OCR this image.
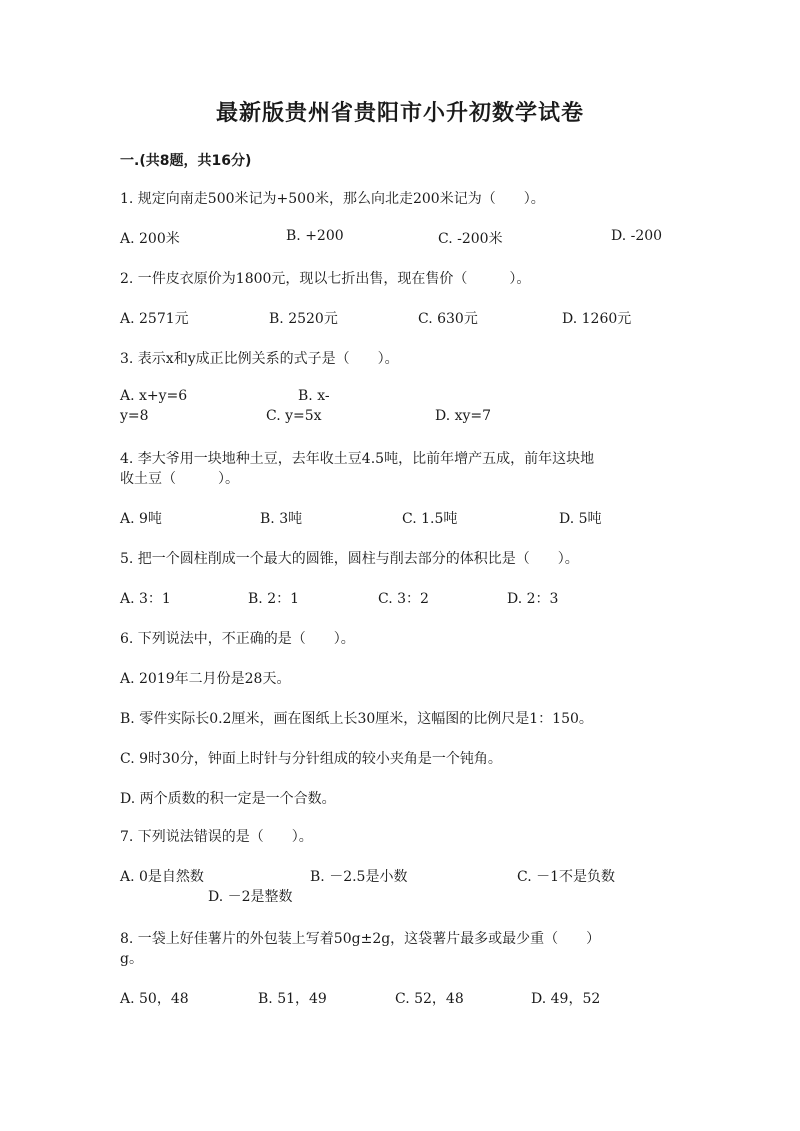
最新版贵州省贵阳市小升初数学试卷
一.(共8题，共16分)
1. 规定向南走500米记为+500米，那么向北走200米记为（　　）。
A. 200米	B. +200	C. -200米	D. -200
2. 一件皮衣原价为1800元，现以七折出售，现在售价（　　　）。
A. 2571元	B. 2520元	C. 630元	D. 1260元
3. 表示x和y成正比例关系的式子是（　　）。
A. x+y=6	B. x-
y=8	C. y=5x	D. xy=7
4. 李大爷用一块地种土豆，去年收土豆4.5吨，比前年增产五成，前年这块地
收土豆（　　　）。
A. 9吨	B. 3吨	C. 1.5吨	D. 5吨
5. 把一个圆柱削成一个最大的圆锥，圆柱与削去部分的体积比是（　　）。
A. 3：1	B. 2：1	C. 3：2	D. 2：3
6. 下列说法中，不正确的是（　　）。
A. 2019年二月份是28天。
B. 零件实际长0.2厘米，画在图纸上长30厘米，这幅图的比例尺是1：150。
C. 9时30分，钟面上时针与分针组成的较小夹角是一个钝角。
D. 两个质数的积一定是一个合数。
7. 下列说法错误的是（　　）。
A. 0是自然数	B. －2.5是小数	C. －1不是负数
D. －2是整数
8. 一袋上好佳薯片的外包装上写着50g±2g，这袋薯片最多或最少重（　　）
g。
A. 50，48	B. 51，49	C. 52，48	D. 49，52
